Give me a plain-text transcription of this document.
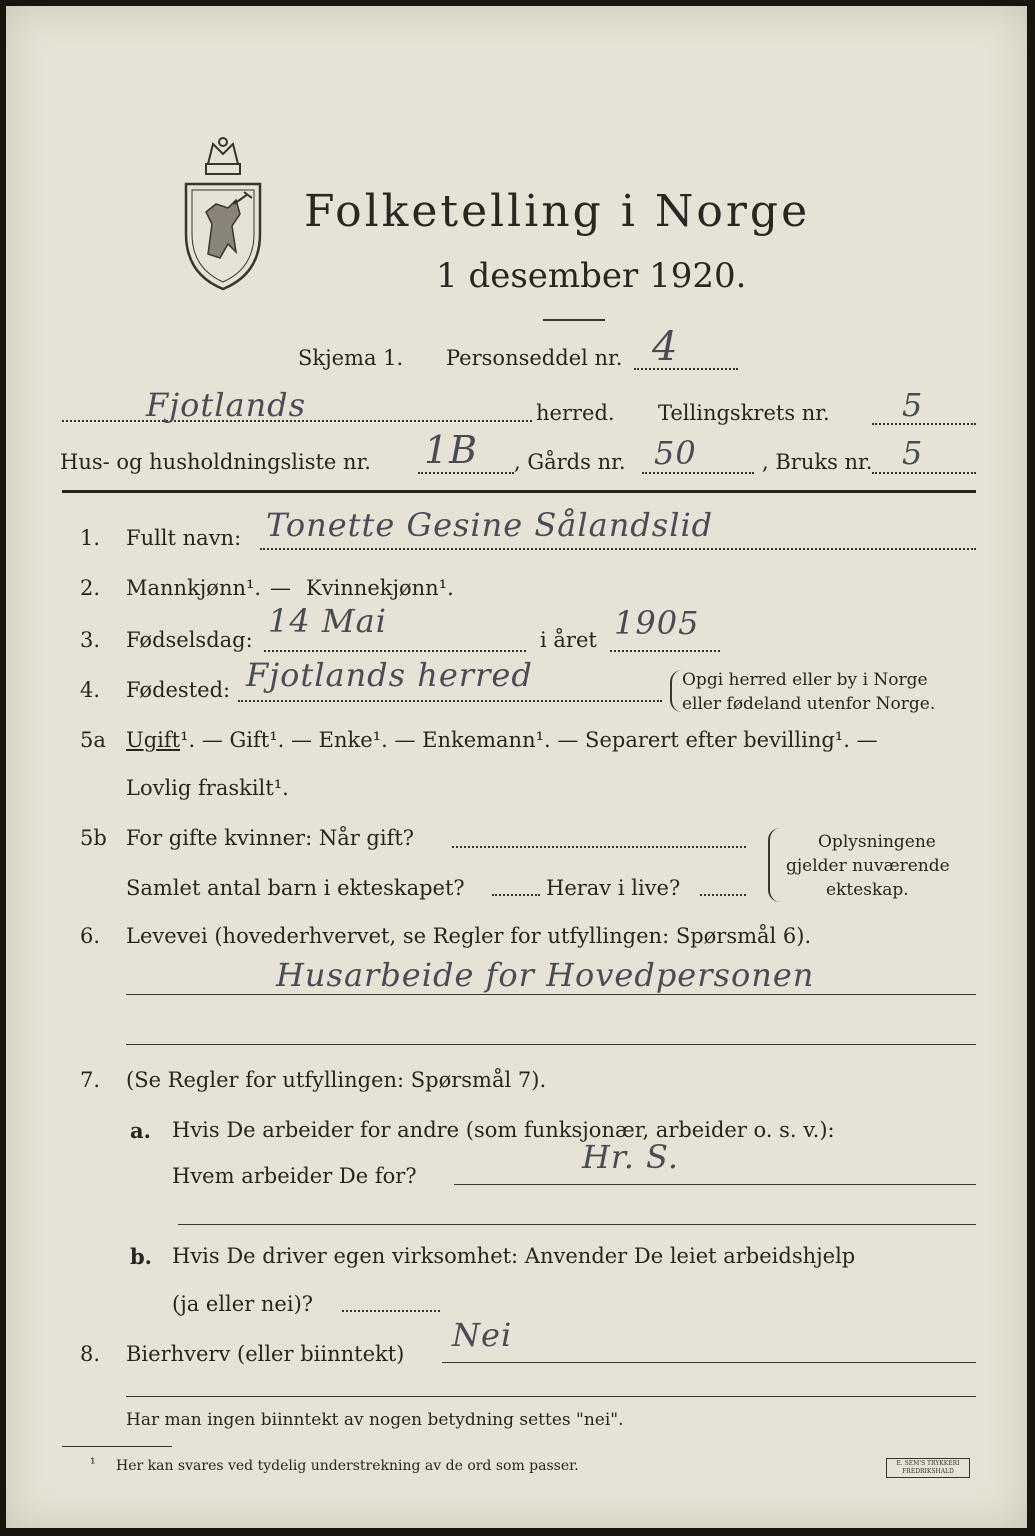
Folketelling i Norge
1 desember 1920.
Skjema 1. Personseddel nr. 4
Fjotlands	herred. Tellingskrets nr. 5
Hus- og husholdningsliste nr. 1B , Gårds nr. 50	, Bruks nr. 5
1. Fullt navn: Tonette Gesine Sålandslid
2. Mannkjønn¹. — Kvinnekjønn¹.
3. Fødselsdag: 14 Mai	i året 1905
4. Fødested: Fjotlands herred	Opgi herred eller by i Norge
eller fødeland utenfor Norge.
5a Ugift¹. — Gift¹. — Enke¹. — Enkemann¹. — Separert efter bevilling¹. —
Lovlig fraskilt¹.
5b For gifte kvinner: Når gift?
Samlet antal barn i ekteskapet?	Herav i live?
Oplysningene
gjelder nuværende
ekteskap.
6. Levevei (hovederhvervet, se Regler for utfyllingen: Spørsmål 6).
Husarbeide for Hovedpersonen
7. (Se Regler for utfyllingen: Spørsmål 7).
a. Hvis De arbeider for andre (som funksjonær, arbeider o. s. v.):
Hvem arbeider De for?	Hr. S.
b. Hvis De driver egen virksomhet: Anvender De leiet arbeidshjelp
(ja eller nei)?
8. Bierhverv (eller biinntekt) Nei
Har man ingen biinntekt av nogen betydning settes "nei".
¹ Her kan svares ved tydelig understrekning av de ord som passer.	E. SEM'S TRYKKERI FREDRIKSHALD
